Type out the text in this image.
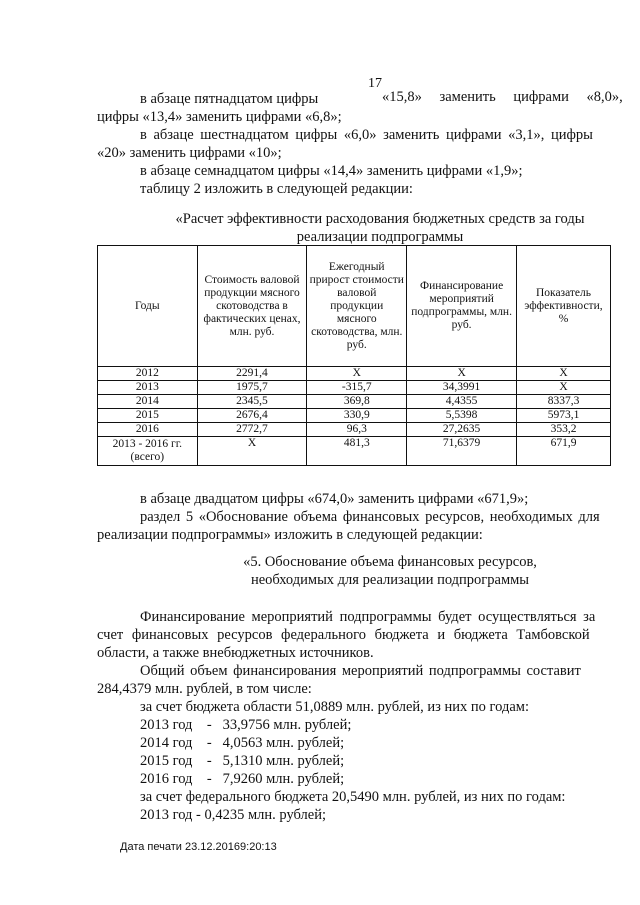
17
в абзаце пятнадцатом цифры	«15,8» заменить цифрами «8,0»,
цифры «13,4» заменить цифрами «6,8»;
в абзаце шестнадцатом цифры «6,0» заменить цифрами «3,1», цифры
«20» заменить цифрами «10»;
в абзаце семнадцатом цифры «14,4» заменить цифрами «1,9»;
таблицу 2 изложить в следующей редакции:
«Расчет эффективности расходования бюджетных средств за годы
реализации подпрограммы
Годы	Стоимость валовой продукции мясного скотоводства в фактических ценах, млн. руб.	Ежегодный прирост стоимости валовой продукции мясного скотоводства, млн. руб.	Финансирование мероприятий подпрограммы, млн. руб.	Показатель эффективности, %
2012	2291,4	Х	Х	Х
2013	1975,7	-315,7	34,3991	Х
2014	2345,5	369,8	4,4355	8337,3
2015	2676,4	330,9	5,5398	5973,1
2016	2772,7	96,3	27,2635	353,2
2013 - 2016 гг. (всего)	Х	481,3	71,6379	671,9
в абзаце двадцатом цифры «674,0» заменить цифрами «671,9»;
раздел 5 «Обоснование объема финансовых ресурсов, необходимых для
реализации подпрограммы» изложить в следующей редакции:
«5. Обоснование объема финансовых ресурсов,
необходимых для реализации подпрограммы
Финансирование мероприятий подпрограммы будет осуществляться за
счет финансовых ресурсов федерального бюджета и бюджета Тамбовской
области, а также внебюджетных источников.
Общий объем финансирования мероприятий подпрограммы составит
284,4379 млн. рублей, в том числе:
за счет бюджета области 51,0889 млн. рублей, из них по годам:
2013 год    -   33,9756 млн. рублей;
2014 год    -   4,0563 млн. рублей;
2015 год    -   5,1310 млн. рублей;
2016 год    -   7,9260 млн. рублей;
за счет федерального бюджета 20,5490 млн. рублей, из них по годам:
2013 год - 0,4235 млн. рублей;
Дата печати 23.12.20169:20:13
